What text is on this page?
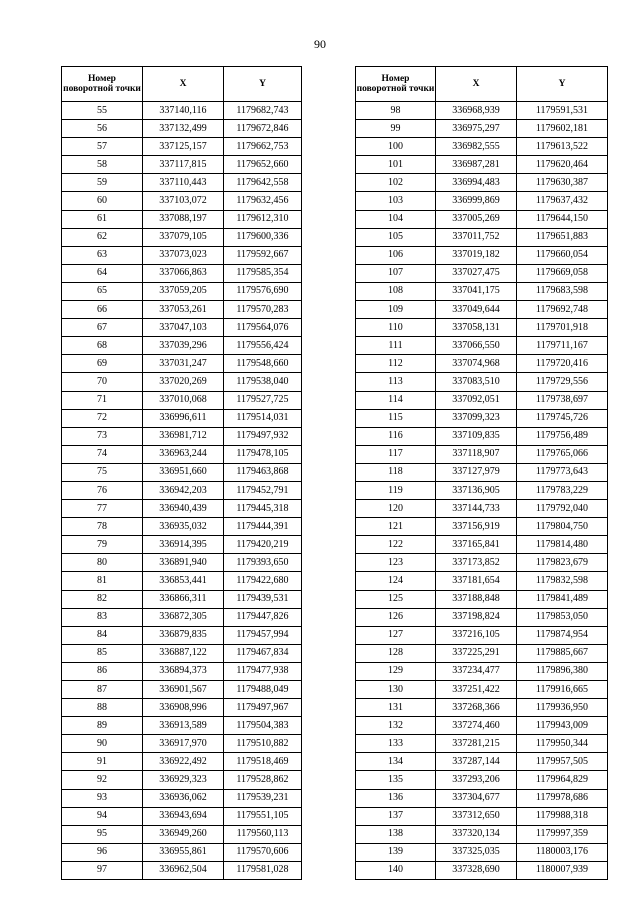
90
Номер поворотной точки	X	Y
55	337140,116	1179682,743
56	337132,499	1179672,846
57	337125,157	1179662,753
58	337117,815	1179652,660
59	337110,443	1179642,558
60	337103,072	1179632,456
61	337088,197	1179612,310
62	337079,105	1179600,336
63	337073,023	1179592,667
64	337066,863	1179585,354
65	337059,205	1179576,690
66	337053,261	1179570,283
67	337047,103	1179564,076
68	337039,296	1179556,424
69	337031,247	1179548,660
70	337020,269	1179538,040
71	337010,068	1179527,725
72	336996,611	1179514,031
73	336981,712	1179497,932
74	336963,244	1179478,105
75	336951,660	1179463,868
76	336942,203	1179452,791
77	336940,439	1179445,318
78	336935,032	1179444,391
79	336914,395	1179420,219
80	336891,940	1179393,650
81	336853,441	1179422,680
82	336866,311	1179439,531
83	336872,305	1179447,826
84	336879,835	1179457,994
85	336887,122	1179467,834
86	336894,373	1179477,938
87	336901,567	1179488,049
88	336908,996	1179497,967
89	336913,589	1179504,383
90	336917,970	1179510,882
91	336922,492	1179518,469
92	336929,323	1179528,862
93	336936,062	1179539,231
94	336943,694	1179551,105
95	336949,260	1179560,113
96	336955,861	1179570,606
97	336962,504	1179581,028
Номер поворотной точки	X	Y
98	336968,939	1179591,531
99	336975,297	1179602,181
100	336982,555	1179613,522
101	336987,281	1179620,464
102	336994,483	1179630,387
103	336999,869	1179637,432
104	337005,269	1179644,150
105	337011,752	1179651,883
106	337019,182	1179660,054
107	337027,475	1179669,058
108	337041,175	1179683,598
109	337049,644	1179692,748
110	337058,131	1179701,918
111	337066,550	1179711,167
112	337074,968	1179720,416
113	337083,510	1179729,556
114	337092,051	1179738,697
115	337099,323	1179745,726
116	337109,835	1179756,489
117	337118,907	1179765,066
118	337127,979	1179773,643
119	337136,905	1179783,229
120	337144,733	1179792,040
121	337156,919	1179804,750
122	337165,841	1179814,480
123	337173,852	1179823,679
124	337181,654	1179832,598
125	337188,848	1179841,489
126	337198,824	1179853,050
127	337216,105	1179874,954
128	337225,291	1179885,667
129	337234,477	1179896,380
130	337251,422	1179916,665
131	337268,366	1179936,950
132	337274,460	1179943,009
133	337281,215	1179950,344
134	337287,144	1179957,505
135	337293,206	1179964,829
136	337304,677	1179978,686
137	337312,650	1179988,318
138	337320,134	1179997,359
139	337325,035	1180003,176
140	337328,690	1180007,939
